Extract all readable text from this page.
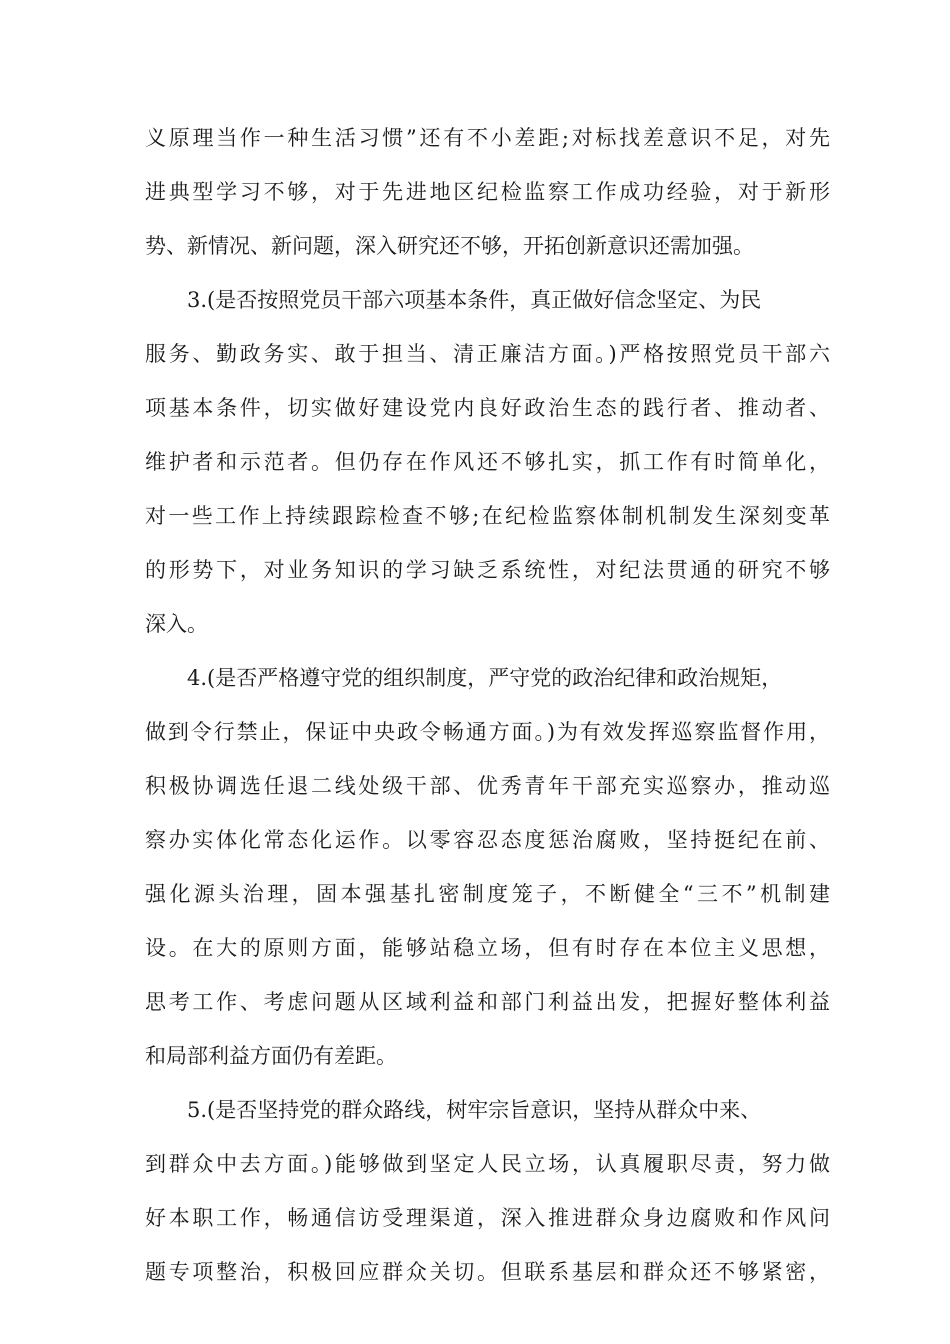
义原理当作一种生活习惯”还有不小差距;对标找差意识不足，对先
进典型学习不够，对于先进地区纪检监察工作成功经验，对于新形
势、新情况、新问题，深入研究还不够，开拓创新意识还需加强。
3.(是否按照党员干部六项基本条件，真正做好信念坚定、为民
服务、勤政务实、敢于担当、清正廉洁方面。)严格按照党员干部六
项基本条件，切实做好建设党内良好政治生态的践行者、推动者、
维护者和示范者。但仍存在作风还不够扎实，抓工作有时简单化，
对一些工作上持续跟踪检查不够;在纪检监察体制机制发生深刻变革
的形势下，对业务知识的学习缺乏系统性，对纪法贯通的研究不够
深入。
4.(是否严格遵守党的组织制度，严守党的政治纪律和政治规矩，
做到令行禁止，保证中央政令畅通方面。)为有效发挥巡察监督作用，
积极协调选任退二线处级干部、优秀青年干部充实巡察办，推动巡
察办实体化常态化运作。以零容忍态度惩治腐败，坚持挺纪在前、
强化源头治理，固本强基扎密制度笼子，不断健全“三不”机制建
设。在大的原则方面，能够站稳立场，但有时存在本位主义思想，
思考工作、考虑问题从区域利益和部门利益出发，把握好整体利益
和局部利益方面仍有差距。
5.(是否坚持党的群众路线，树牢宗旨意识，坚持从群众中来、
到群众中去方面。)能够做到坚定人民立场，认真履职尽责，努力做
好本职工作，畅通信访受理渠道，深入推进群众身边腐败和作风问
题专项整治，积极回应群众关切。但联系基层和群众还不够紧密，
